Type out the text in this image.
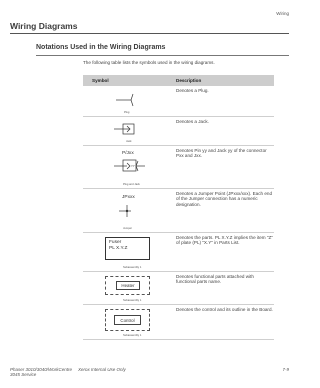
Wiring
Wiring Diagrams
Notations Used in the Wiring Diagrams
The following table lists the symbols used in the wiring diagrams.
Symbol	Description
Plug
Denotes a Plug.
Jack
Denotes a Jack.
P/Jxx
YY
Plug and Jack
Denotes Pin yy and Jack yy of the connector Pxx and Jxx.
JPxxx
Jumper
Denotes a Jumper Point (JPxxx/xxx). Each end of the Jumper connection has a numeric designation.
Fuser
PL X.Y.Z
Subassembly 1
Denotes the parts. PL X.Y.Z implies the item "Z" of plate (PL) "X.Y" in Parts List.
Heater
Subassembly 1
Denotes functional parts attached with functional parts name.
Control
Subassembly 1
Denotes the control and its outline in the Board.
Phaser 3010/3040/WorkCentre 3045 Service
Xerox Internal Use Only	7-9
